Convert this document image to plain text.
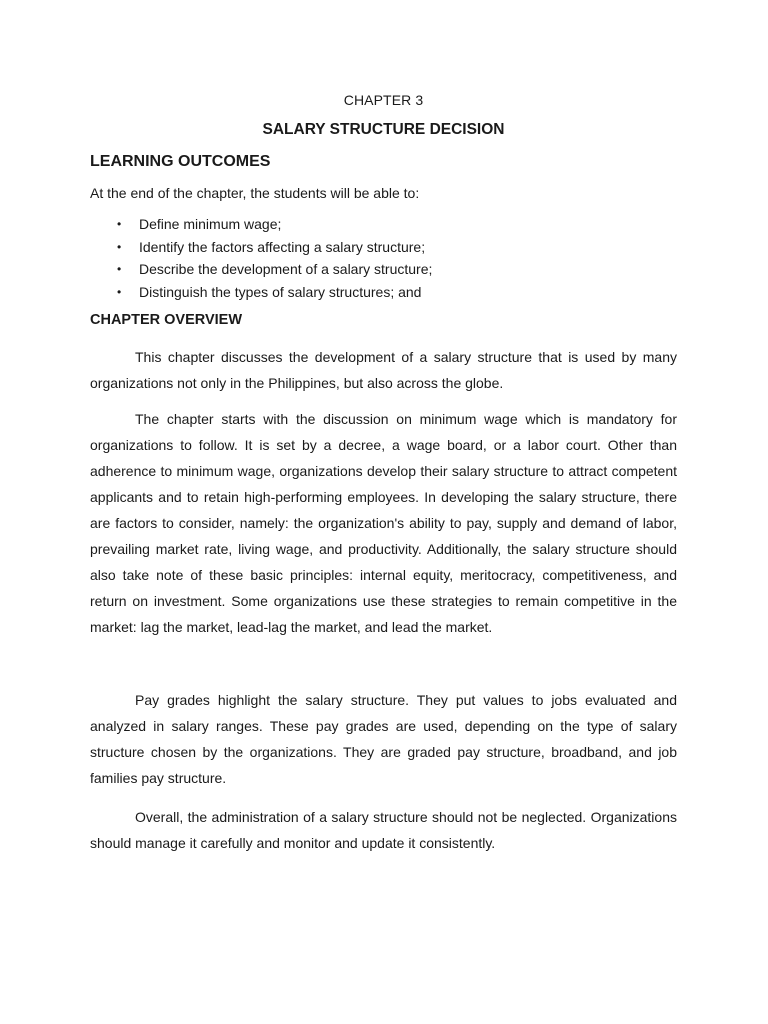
CHAPTER 3
SALARY STRUCTURE DECISION
LEARNING OUTCOMES
At the end of the chapter, the students will be able to:
• Define minimum wage;
• Identify the factors affecting a salary structure;
• Describe the development of a salary structure;
• Distinguish the types of salary structures; and
CHAPTER OVERVIEW

This chapter discusses the development of a salary structure that is used by many organizations not only in the Philippines, but also across the globe.

The chapter starts with the discussion on minimum wage which is mandatory for organizations to follow. It is set by a decree, a wage board, or a labor court. Other than adherence to minimum wage, organizations develop their salary structure to attract competent applicants and to retain high-performing employees. In developing the salary structure, there are factors to consider, namely: the organization's ability to pay, supply and demand of labor, prevailing market rate, living wage, and productivity. Additionally, the salary structure should also take note of these basic principles: internal equity, meritocracy, competitiveness, and return on investment. Some organizations use these strategies to remain competitive in the market: lag the market, lead-lag the market, and lead the market.

Pay grades highlight the salary structure. They put values to jobs evaluated and analyzed in salary ranges. These pay grades are used, depending on the type of salary structure chosen by the organizations. They are graded pay structure, broadband, and job families pay structure.

Overall, the administration of a salary structure should not be neglected. Organizations should manage it carefully and monitor and update it consistently.
